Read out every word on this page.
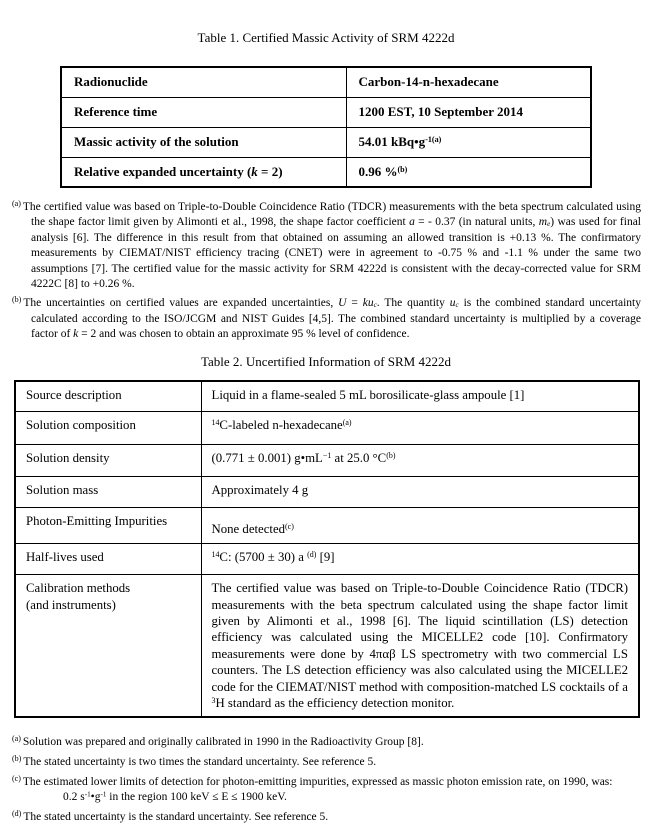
Table 1. Certified Massic Activity of SRM 4222d
Radionuclide	Carbon-14-n-hexadecane
Reference time	1200 EST, 10 September 2014
Massic activity of the solution	54.01 $kBq•g^{-1(a)}$
Relative expanded uncertainty (k = 2)	0.96 %$^{(b)}$
$^{(a)}$ The certified value was based on Triple-to-Double Coincidence Ratio (TDCR) measurements with the beta spectrum calculated using the shape factor limit given by Alimonti et al., 1998, the shape factor coefficient a = - 0.37 (in natural units, $m_e$) was used for final analysis [6]. The difference in this result from that obtained on assuming an allowed transition is +0.13 %. The confirmatory measurements by CIEMAT/NIST efficiency tracing (CNET) were in agreement to -0.75 % and -1.1 % under the same two assumptions [7]. The certified value for the massic activity for SRM 4222d is consistent with the decay-corrected value for SRM 4222C [8] to +0.26 %.
$^{(b)}$ The uncertainties on certified values are expanded uncertainties, $U = ku_c$. The quantity $u_c$ is the combined standard uncertainty calculated according to the ISO/JCGM and NIST Guides [4,5]. The combined standard uncertainty is multiplied by a coverage factor of k = 2 and was chosen to obtain an approximate 95 % level of confidence.
Table 2. Uncertified Information of SRM 4222d
Source description	Liquid in a flame-sealed 5 mL borosilicate-glass ampoule [1]
Solution composition	$^{14}$C-labeled n-hexadecane$^{(a)}$
Solution density	(0.771 ± 0.001) $g•mL^{-1}$ at 25.0 $^\circ C^{(b)}$
Solution mass	Approximately 4 g
Photon-Emitting Impurities	None detected$^{(c)}$
Half-lives used	$^{14}$C: (5700 ± 30) a $^{(d)}$ [9]

Calibration methods
(and instruments)	The certified value was based on Triple-to-Double Coincidence Ratio (TDCR) measurements with the beta spectrum calculated using the shape factor limit given by Alimonti et al., 1998 [6]. The liquid scintillation (LS) detection efficiency was calculated using the MICELLE2 code [10]. Confirmatory measurements were done by 4παβ LS spectrometry with two commercial LS counters. The LS detection efficiency was also calculated using the MICELLE2 code for the CIEMAT/NIST method with composition-matched LS cocktails of a $^3$H standard as the efficiency detection monitor.
$^{(a)}$ Solution was prepared and originally calibrated in 1990 in the Radioactivity Group [8].
$^{(b)}$ The stated uncertainty is two times the standard uncertainty. See reference 5.
$^{(c)}$ The estimated lower limits of detection for photon-emitting impurities, expressed as massic photon emission rate, on 1990, was:
0.2 $s^{-1}•g^{-1}$ in the region 100 keV ≤ E ≤ 1900 keV.
$^{(d)}$ The stated uncertainty is the standard uncertainty. See reference 5.
